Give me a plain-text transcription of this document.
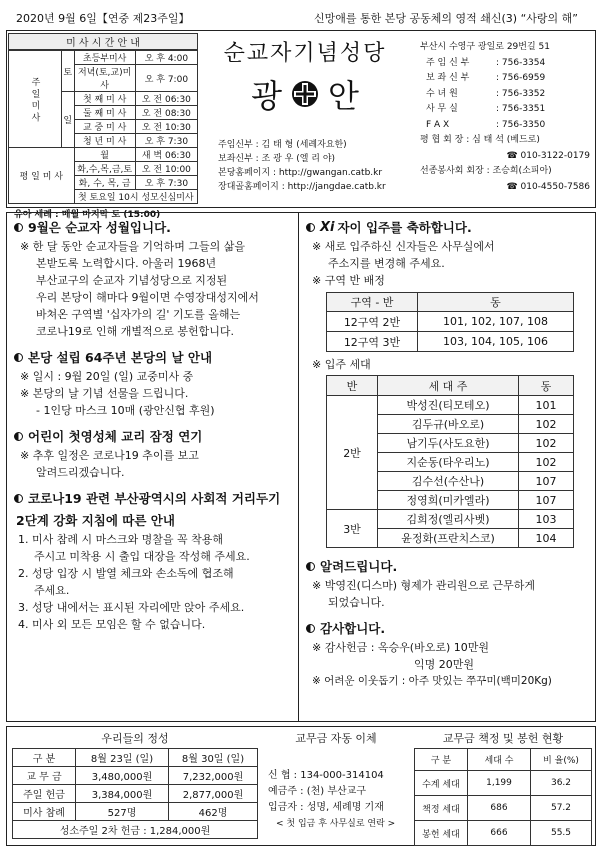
2020년 9월 6일【연중 제23주일】	신망애를 통한 본당 공동체의 영적 쇄신(3) “사랑의 해”
미 사 시 간 안 내
주 일 미 사	토	초등부미사	오 후 4:00
		저녁(토,교)미사	오 후 7:00
	일	첫 째 미 사	오 전 06:30
		둘 째 미 사	오 전 08:30
		교 중 미 사	오 전 10:30
		청 년 미 사	오 후 7:30
평 일 미 사		월	새 벽 06:30
		화,수,목,금,토	오 전 10:00
		화, 수, 목, 금	오 후 7:30
		첫 토요일 10시 성모신심미사	
유아 세례 : 매월 마지막 토 (15:00)
순교자기념성당
광 안
주임신부 : 김 태 형 (세례자요한)
보좌신부 : 조 광 우 (엘 리 야)
본당홈페이지 : http://gwangan.catb.kr
장대골홈페이지 : http://jangdae.catb.kr
부산시 수영구 광일로 29번길 51
주 임 신 부	: 756-3354
보 좌 신 부	: 756-6959
수 녀 원	: 756-3352
사 무 실	: 756-3351
F A X	: 756-3350
평 협 회 장 : 심 태 석 (베드로)
☎ 010-3122-0179
선종봉사회 회장 : 조승희(소피아)
☎ 010-4550-7586
9월은 순교자 성월입니다.
※ 한 달 동안 순교자들을 기억하며 그들의 삶을
본받도록 노력합시다. 아울러 1968년
부산교구의 순교자 기념성당으로 지정된
우리 본당이 해마다 9월이면 수영장대성지에서
바쳐온 구역별 '십자가의 길' 기도를 올해는
코로나19로 인해 개별적으로 봉헌합니다.
본당 설립 64주년 본당의 날 안내
※ 일시 : 9월 20일 (일) 교중미사 중
※ 본당의 날 기념 선물을 드립니다.
- 1인당 마스크 10매 (광안신협 후원)
어린이 첫영성체 교리 잠정 연기
※ 추후 일정은 코로나19 추이를 보고
알려드리겠습니다.
코로나19 관련 부산광역시의 사회적 거리두기
2단계 강화 지침에 따른 안내
1. 미사 참례 시 마스크와 명찰을 꼭 착용해
주시고 미착용 시 출입 대장을 작성해 주세요.
2. 성당 입장 시 발열 체크와 손소독에 협조해
주세요.
3. 성당 내에서는 표시된 자리에만 앉아 주세요.
4. 미사 외 모든 모임은 할 수 없습니다.
Xi 자이 입주를 축하합니다.
※ 새로 입주하신 신자들은 사무실에서
주소지를 변경해 주세요.
※ 구역 반 배정
구역 - 반	동
12구역 2반	101, 102, 107, 108
12구역 3반	103, 104, 105, 106
※ 입주 세대
반	세 대 주	동
2반	박성진(티모테오)	101
	김두규(바오로)	102
	남기두(사도요한)	102
	지순동(타우리노)	102
	김수선(수산나)	107
	정영희(미카엘라)	107
3반	김희정(엘리사벳)	103
	윤정화(프란치스코)	104
알려드립니다.
※ 박영진(디스마) 형제가 관리원으로 근무하게
되었습니다.
감사합니다.
※ 감사헌금 : 옥승우(바오로) 10만원
익명 20만원
※ 어려운 이웃돕기 : 아주 맛있는 쭈꾸미(백미20Kg)
우리들의 정성
구 분	8월 23일 (일)	8월 30일 (일)
교 무 금	3,480,000원	7,232,000원
주일 헌금	3,384,000원	2,877,000원
미사 참례	527명	462명
성소주일 2차 헌금 : 1,284,000원		
교무금 자동 이체
신 협 : 134-000-314104
예금주 : (천) 부산교구
입금자 : 성명, 세례명 기재
< 첫 입금 후 사무실로 연락 >
교무금 책정 및 봉헌 현황
구 분	세대 수	비 율(%)
수계 세대	1,199	36.2
책정 세대	686	57.2
봉헌 세대	666	55.5
